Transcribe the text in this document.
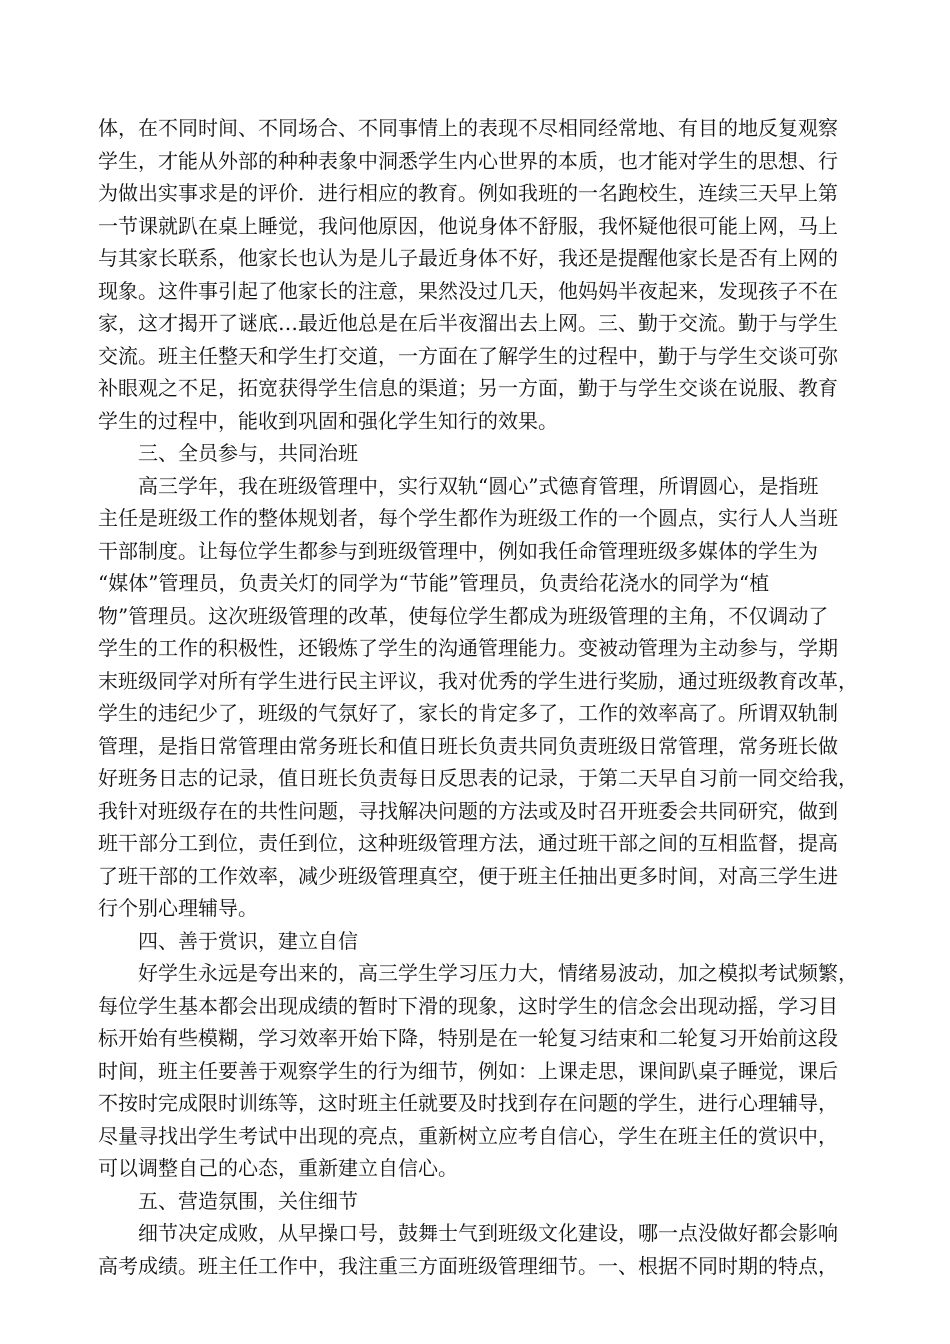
体，在不同时间、不同场合、不同事情上的表现不尽相同经常地、有目的地反复观察
学生，才能从外部的种种表象中洞悉学生内心世界的本质，也才能对学生的思想、行
为做出实事求是的评价．进行相应的教育。例如我班的一名跑校生，连续三天早上第
一节课就趴在桌上睡觉，我问他原因，他说身体不舒服，我怀疑他很可能上网，马上
与其家长联系，他家长也认为是儿子最近身体不好，我还是提醒他家长是否有上网的
现象。这件事引起了他家长的注意，果然没过几天，他妈妈半夜起来，发现孩子不在
家，这才揭开了谜底…最近他总是在后半夜溜出去上网。三、勤于交流。勤于与学生
交流。班主任整天和学生打交道，一方面在了解学生的过程中，勤于与学生交谈可弥
补眼观之不足，拓宽获得学生信息的渠道；另一方面，勤于与学生交谈在说服、教育
学生的过程中，能收到巩固和强化学生知行的效果。
三、全员参与，共同治班
高三学年，我在班级管理中，实行双轨“圆心”式德育管理，所谓圆心，是指班
主任是班级工作的整体规划者，每个学生都作为班级工作的一个圆点，实行人人当班
干部制度。让每位学生都参与到班级管理中，例如我任命管理班级多媒体的学生为
“媒体”管理员，负责关灯的同学为“节能”管理员，负责给花浇水的同学为“植
物”管理员。这次班级管理的改革，使每位学生都成为班级管理的主角，不仅调动了
学生的工作的积极性，还锻炼了学生的沟通管理能力。变被动管理为主动参与，学期
末班级同学对所有学生进行民主评议，我对优秀的学生进行奖励，通过班级教育改革，
学生的违纪少了，班级的气氛好了，家长的肯定多了，工作的效率高了。所谓双轨制
管理，是指日常管理由常务班长和值日班长负责共同负责班级日常管理，常务班长做
好班务日志的记录，值日班长负责每日反思表的记录，于第二天早自习前一同交给我，
我针对班级存在的共性问题，寻找解决问题的方法或及时召开班委会共同研究，做到
班干部分工到位，责任到位，这种班级管理方法，通过班干部之间的互相监督，提高
了班干部的工作效率，减少班级管理真空，便于班主任抽出更多时间，对高三学生进
行个别心理辅导。
四、善于赏识，建立自信
好学生永远是夸出来的，高三学生学习压力大，情绪易波动，加之模拟考试频繁，
每位学生基本都会出现成绩的暂时下滑的现象，这时学生的信念会出现动摇，学习目
标开始有些模糊，学习效率开始下降，特别是在一轮复习结束和二轮复习开始前这段
时间，班主任要善于观察学生的行为细节，例如：上课走思，课间趴桌子睡觉，课后
不按时完成限时训练等，这时班主任就要及时找到存在问题的学生，进行心理辅导，
尽量寻找出学生考试中出现的亮点，重新树立应考自信心，学生在班主任的赏识中，
可以调整自己的心态，重新建立自信心。
五、营造氛围，关住细节
细节决定成败，从早操口号，鼓舞士气到班级文化建设，哪一点没做好都会影响
高考成绩。班主任工作中，我注重三方面班级管理细节。一、根据不同时期的特点，
